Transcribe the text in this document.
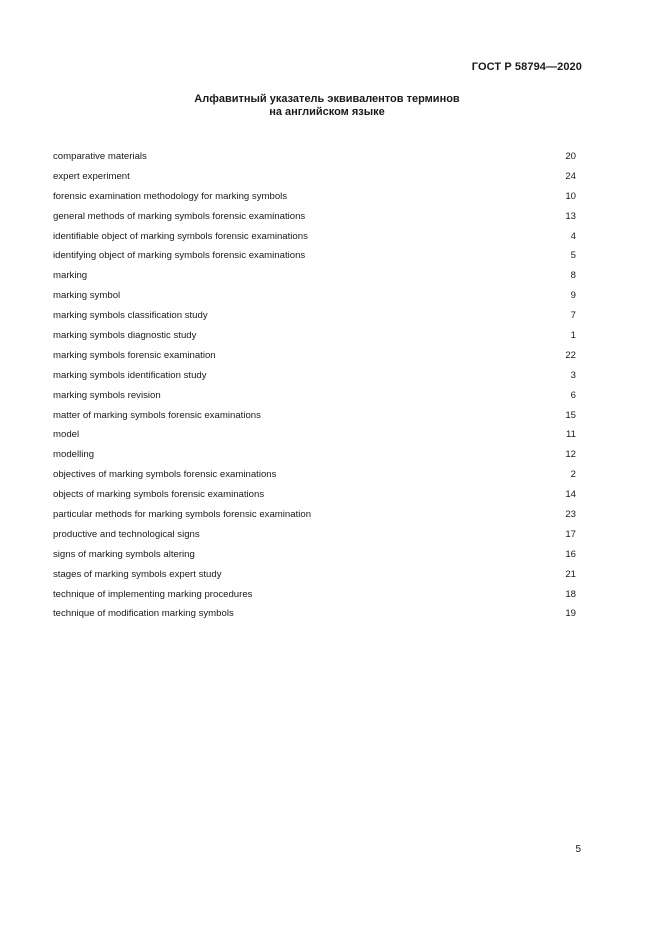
ГОСТ Р 58794—2020
Алфавитный указатель эквивалентов терминов
на английском языке
comparative materials	20
expert experiment	24
forensic examination methodology for marking symbols	10
general methods of marking symbols forensic examinations	13
identifiable object of marking symbols forensic examinations	4
identifying object of marking symbols forensic examinations	5
marking	8
marking symbol	9
marking symbols classification study	7
marking symbols diagnostic study	1
marking symbols forensic examination	22
marking symbols identification study	3
marking symbols revision	6
matter of marking symbols forensic examinations	15
model	11
modelling	12
objectives of marking symbols forensic examinations	2
objects of marking symbols forensic examinations	14
particular methods for marking symbols forensic examination	23
productive and technological signs	17
signs of marking symbols altering	16
stages of marking symbols expert study	21
technique of implementing marking procedures	18
technique of modification marking symbols	19
5
